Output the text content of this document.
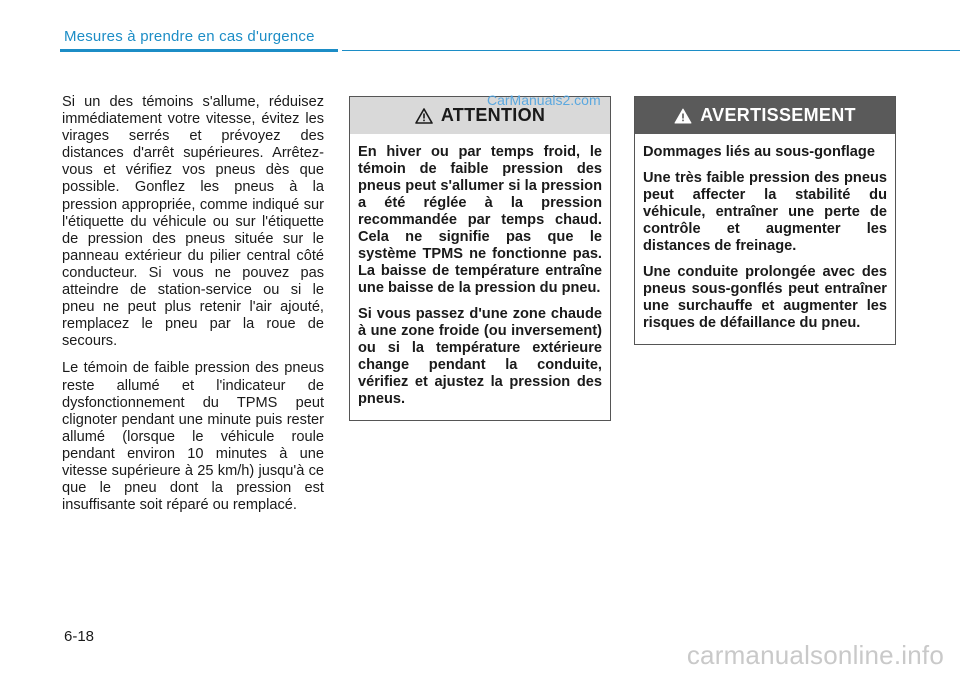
Mesures à prendre en cas d'urgence

Si un des témoins s'allume, réduisez immédiatement votre vitesse, évitez les virages serrés et prévoyez des distances d'arrêt supérieures. Arrêtez-vous et vérifiez vos pneus dès que possible. Gonflez les pneus à la pression appropriée, comme indiqué sur l'étiquette du véhicule ou sur l'étiquette de pression des pneus située sur le panneau extérieur du pilier central côté conducteur. Si vous ne pouvez pas atteindre de station-service ou si le pneu ne peut plus retenir l'air ajouté, remplacez le pneu par la roue de secours.

Le témoin de faible pression des pneus reste allumé et l'indicateur de dysfonctionnement du TPMS peut clignoter pendant une minute puis rester allumé (lorsque le véhicule roule pendant environ 10 minutes à une vitesse supérieure à 25 km/h) jusqu'à ce que le pneu dont la pression est insuffisante soit réparé ou remplacé.

ATTENTION

En hiver ou par temps froid, le témoin de faible pression des pneus peut s'allumer si la pression a été réglée à la pression recommandée par temps chaud. Cela ne signifie pas que le système TPMS ne fonctionne pas. La baisse de température entraîne une baisse de la pression du pneu.

Si vous passez d'une zone chaude à une zone froide (ou inversement) ou si la température extérieure change pendant la conduite, vérifiez et ajustez la pression des pneus.

AVERTISSEMENT

Dommages liés au sous-gonflage

Une très faible pression des pneus peut affecter la stabilité du véhicule, entraîner une perte de contrôle et augmenter les distances de freinage.

Une conduite prolongée avec des pneus sous-gonflés peut entraîner une surchauffe et augmenter les risques de défaillance du pneu.

CarManuals2.com
6-18
carmanualsonline.info
